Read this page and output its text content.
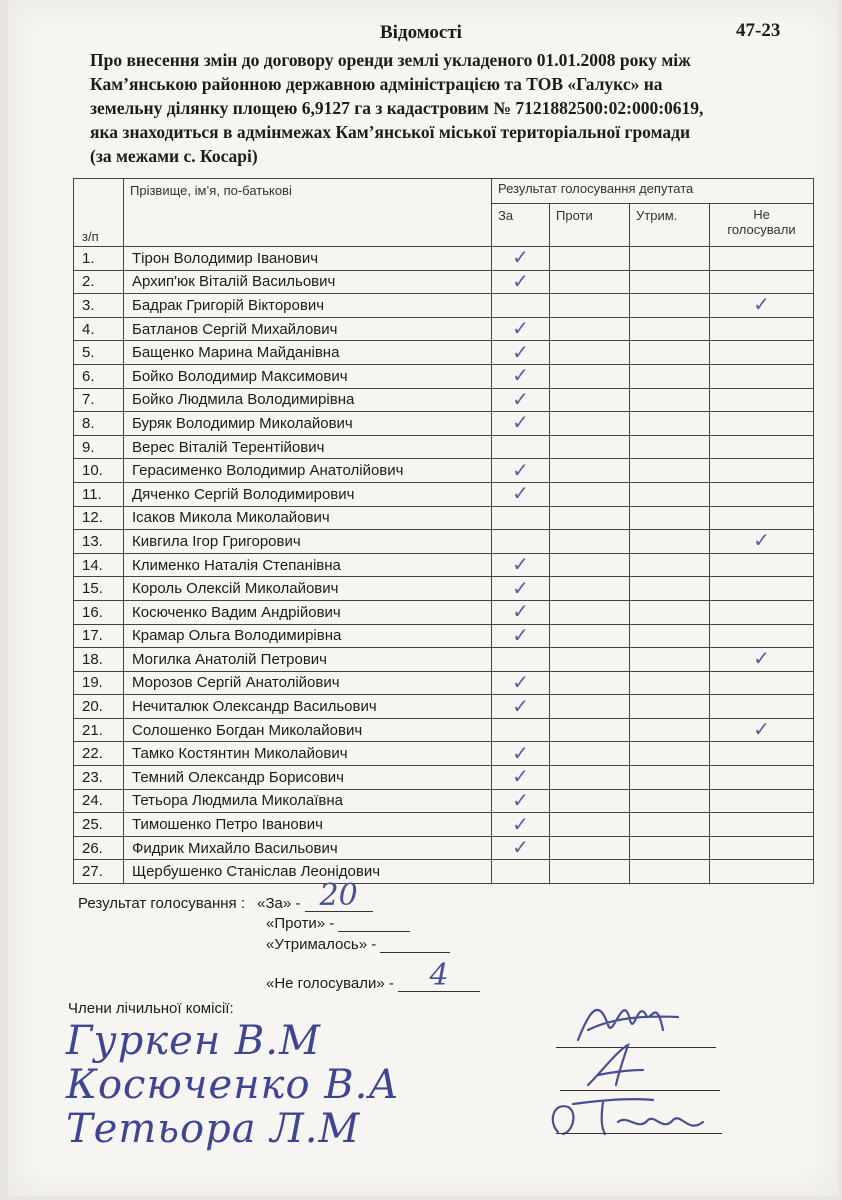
Відомості	47-23
Про внесення змін до договору оренди землі укладеного 01.01.2008 року між
Кам’янською районною державною адміністрацією та ТОВ «Галукс» на
земельну ділянку площею 6,9127 га з кадастровим № 7121882500:02:000:0619,
яка знаходиться в адмінмежах Кам’янської міської територіальної громади
(за межами с. Косарі)
з/п	Прізвище, ім’я, по-батькові	Результат голосування депутата			
		За	Проти	Утрим.	Не
голосували
1.	Тірон Володимир Іванович	✓			

2.	Архип'юк Віталій Васильович	✓			

3.	Бадрак Григорій Вікторович				✓

4.	Батланов Сергій Михайлович	✓			

5.	Бащенко Марина Майданівна	✓			

6.	Бойко Володимир Максимович	✓			

7.	Бойко Людмила Володимирівна	✓			

8.	Буряк Володимир Миколайович	✓			

9.	Верес Віталій Терентійович				
10.	Герасименко Володимир Анатолійович	✓			

11.	Дяченко Сергій Володимирович	✓			

12.	Ісаков Микола Миколайович				
13.	Кивгила Ігор Григорович				✓

14.	Клименко Наталія Степанівна	✓			

15.	Король Олексій Миколайович	✓			

16.	Косюченко Вадим Андрійович	✓			

17.	Крамар Ольга Володимирівна	✓			

18.	Могилка Анатолій Петрович				✓

19.	Морозов Сергій Анатолійович	✓			

20.	Нечиталюк Олександр Васильович	✓			

21.	Солошенко Богдан Миколайович				✓

22.	Тамко Костянтин Миколайович	✓			

23.	Темний Олександр Борисович	✓			

24.	Тетьора Людмила Миколаївна	✓			

25.	Тимошенко Петро Іванович	✓			

26.	Фидрик Михайло Васильович	✓			

27.	Щербушенко Станіслав Леонідович				
Результат голосування : «За» - 20
«Проти» -
«Утрималось» -
«Не голосували» - 4
Члени лічильної комісії:
Гуркен В.М
Косюченко В.А
Тетьора Л.М
